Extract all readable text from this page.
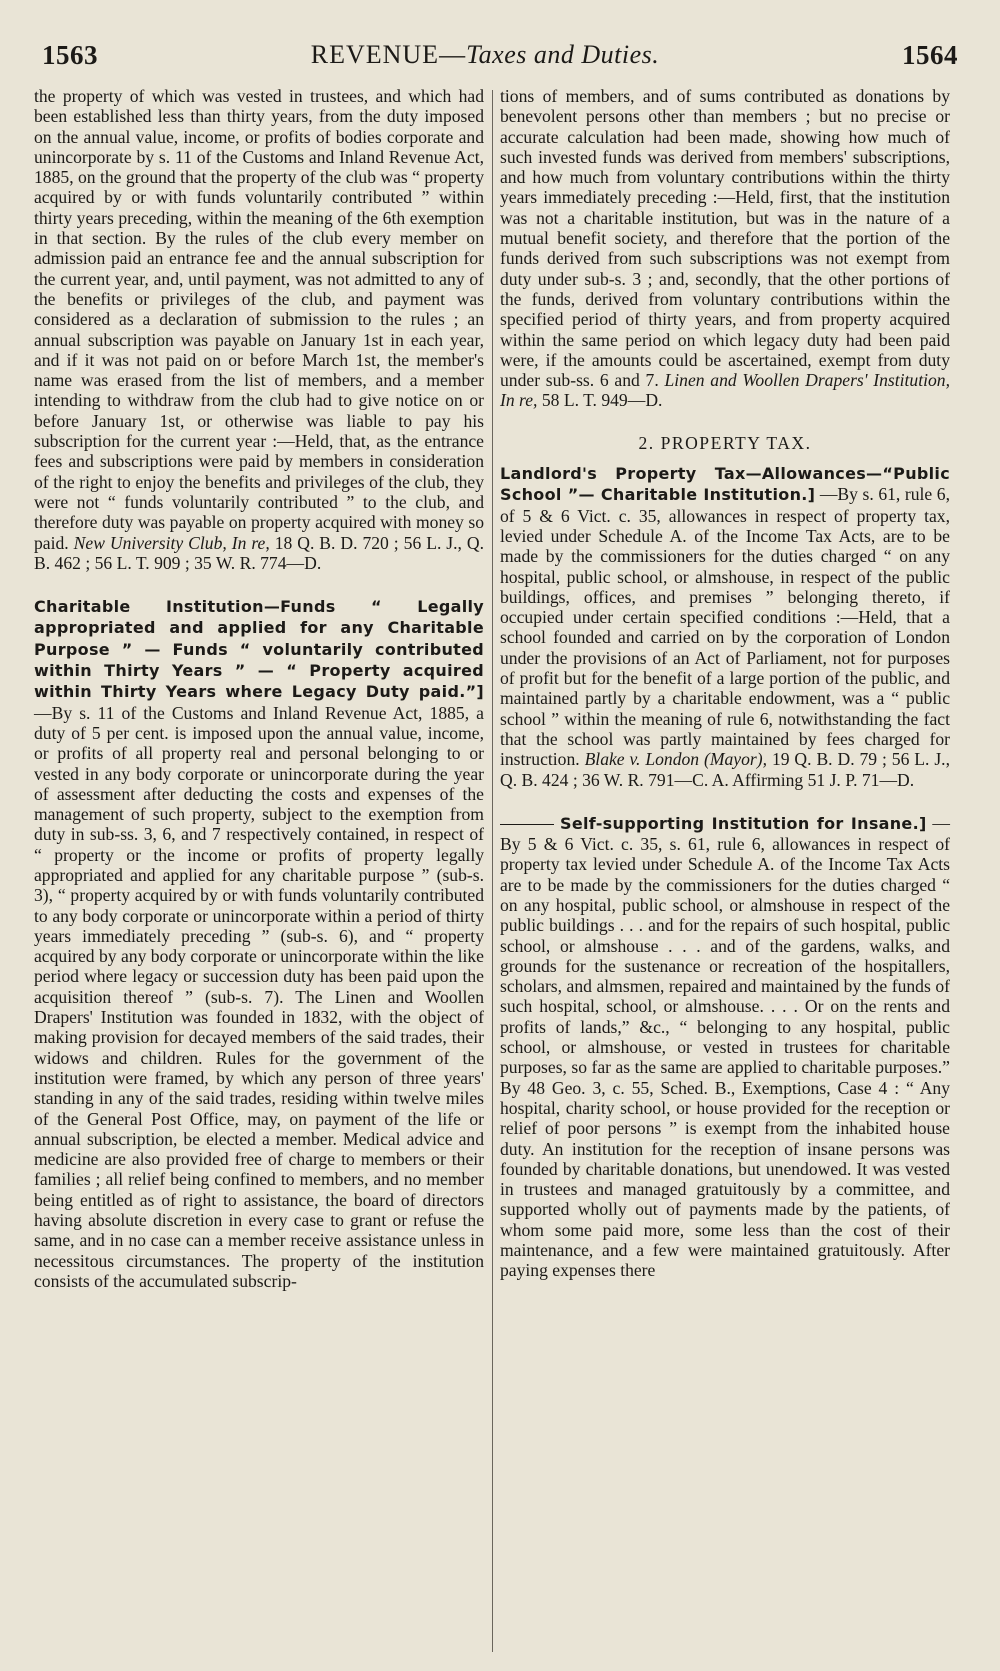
1563	REVENUE—Taxes and Duties.	1564

the property of which was vested in trustees, and which had been established less than thirty years, from the duty imposed on the annual value, income, or profits of bodies corporate and unincorporate by s. 11 of the Customs and Inland Revenue Act, 1885, on the ground that the property of the club was “ property acquired by or with funds voluntarily contributed ” within thirty years preceding, within the meaning of the 6th exemption in that section. By the rules of the club every member on admission paid an entrance fee and the annual subscription for the current year, and, until payment, was not admitted to any of the benefits or privileges of the club, and payment was considered as a declaration of submission to the rules ; an annual subscription was payable on January 1st in each year, and if it was not paid on or before March 1st, the member's name was erased from the list of members, and a member intending to withdraw from the club had to give notice on or before January 1st, or otherwise was liable to pay his subscription for the current year :—Held, that, as the entrance fees and subscriptions were paid by members in consideration of the right to enjoy the benefits and privileges of the club, they were not “ funds voluntarily contributed ” to the club, and therefore duty was payable on property acquired with money so paid. New University Club, In re, 18 Q. B. D. 720 ; 56 L. J., Q. B. 462 ; 56 L. T. 909 ; 35 W. R. 774—D.

Charitable Institution—Funds “ Legally appropriated and applied for any Charitable Purpose ” — Funds “ voluntarily contributed within Thirty Years ” — “ Property acquired within Thirty Years where Legacy Duty paid.”] —By s. 11 of the Customs and Inland Revenue Act, 1885, a duty of 5 per cent. is imposed upon the annual value, income, or profits of all property real and personal belonging to or vested in any body corporate or unincorporate during the year of assessment after deducting the costs and expenses of the management of such property, subject to the exemption from duty in sub-ss. 3, 6, and 7 respectively contained, in respect of “ property or the income or profits of property legally appropriated and applied for any charitable purpose ” (sub-s. 3), “ property acquired by or with funds voluntarily contributed to any body corporate or unincorporate within a period of thirty years immediately preceding ” (sub-s. 6), and “ property acquired by any body corporate or unincorporate within the like period where legacy or succession duty has been paid upon the acquisition thereof ” (sub-s. 7). The Linen and Woollen Drapers' Institution was founded in 1832, with the object of making provision for decayed members of the said trades, their widows and children. Rules for the government of the institution were framed, by which any person of three years' standing in any of the said trades, residing within twelve miles of the General Post Office, may, on payment of the life or annual subscription, be elected a member. Medical advice and medicine are also provided free of charge to members or their families ; all relief being confined to members, and no member being entitled as of right to assistance, the board of directors having absolute discretion in every case to grant or refuse the same, and in no case can a member receive assistance unless in necessitous circumstances. The property of the institution consists of the accumulated subscrip-

tions of members, and of sums contributed as donations by benevolent persons other than members ; but no precise or accurate calculation had been made, showing how much of such invested funds was derived from members' subscriptions, and how much from voluntary contributions within the thirty years immediately preceding :—Held, first, that the institution was not a charitable institution, but was in the nature of a mutual benefit society, and therefore that the portion of the funds derived from such subscriptions was not exempt from duty under sub-s. 3 ; and, secondly, that the other portions of the funds, derived from voluntary contributions within the specified period of thirty years, and from property acquired within the same period on which legacy duty had been paid were, if the amounts could be ascertained, exempt from duty under sub-ss. 6 and 7. Linen and Woollen Drapers' Institution, In re, 58 L. T. 949—D.

2. PROPERTY TAX.

Landlord's Property Tax—Allowances—“Public School ”— Charitable Institution.] —By s. 61, rule 6, of 5 & 6 Vict. c. 35, allowances in respect of property tax, levied under Schedule A. of the Income Tax Acts, are to be made by the commissioners for the duties charged “ on any hospital, public school, or almshouse, in respect of the public buildings, offices, and premises ” belonging thereto, if occupied under certain specified conditions :—Held, that a school founded and carried on by the corporation of London under the provisions of an Act of Parliament, not for purposes of profit but for the benefit of a large portion of the public, and maintained partly by a charitable endowment, was a “ public school ” within the meaning of rule 6, notwithstanding the fact that the school was partly maintained by fees charged for instruction. Blake v. London (Mayor), 19 Q. B. D. 79 ; 56 L. J., Q. B. 424 ; 36 W. R. 791—C. A. Affirming 51 J. P. 71—D.

Self-supporting Institution for Insane.] —By 5 & 6 Vict. c. 35, s. 61, rule 6, allowances in respect of property tax levied under Schedule A. of the Income Tax Acts are to be made by the commissioners for the duties charged “ on any hospital, public school, or almshouse in respect of the public buildings . . . and for the repairs of such hospital, public school, or almshouse . . . and of the gardens, walks, and grounds for the sustenance or recreation of the hospitallers, scholars, and almsmen, repaired and maintained by the funds of such hospital, school, or almshouse. . . . Or on the rents and profits of lands,” &c., “ belonging to any hospital, public school, or almshouse, or vested in trustees for charitable purposes, so far as the same are applied to charitable purposes.” By 48 Geo. 3, c. 55, Sched. B., Exemptions, Case 4 : “ Any hospital, charity school, or house provided for the reception or relief of poor persons ” is exempt from the inhabited house duty. An institution for the reception of insane persons was founded by charitable donations, but unendowed. It was vested in trustees and managed gratuitously by a committee, and supported wholly out of payments made by the patients, of whom some paid more, some less than the cost of their maintenance, and a few were maintained gratuitously. After paying expenses there
